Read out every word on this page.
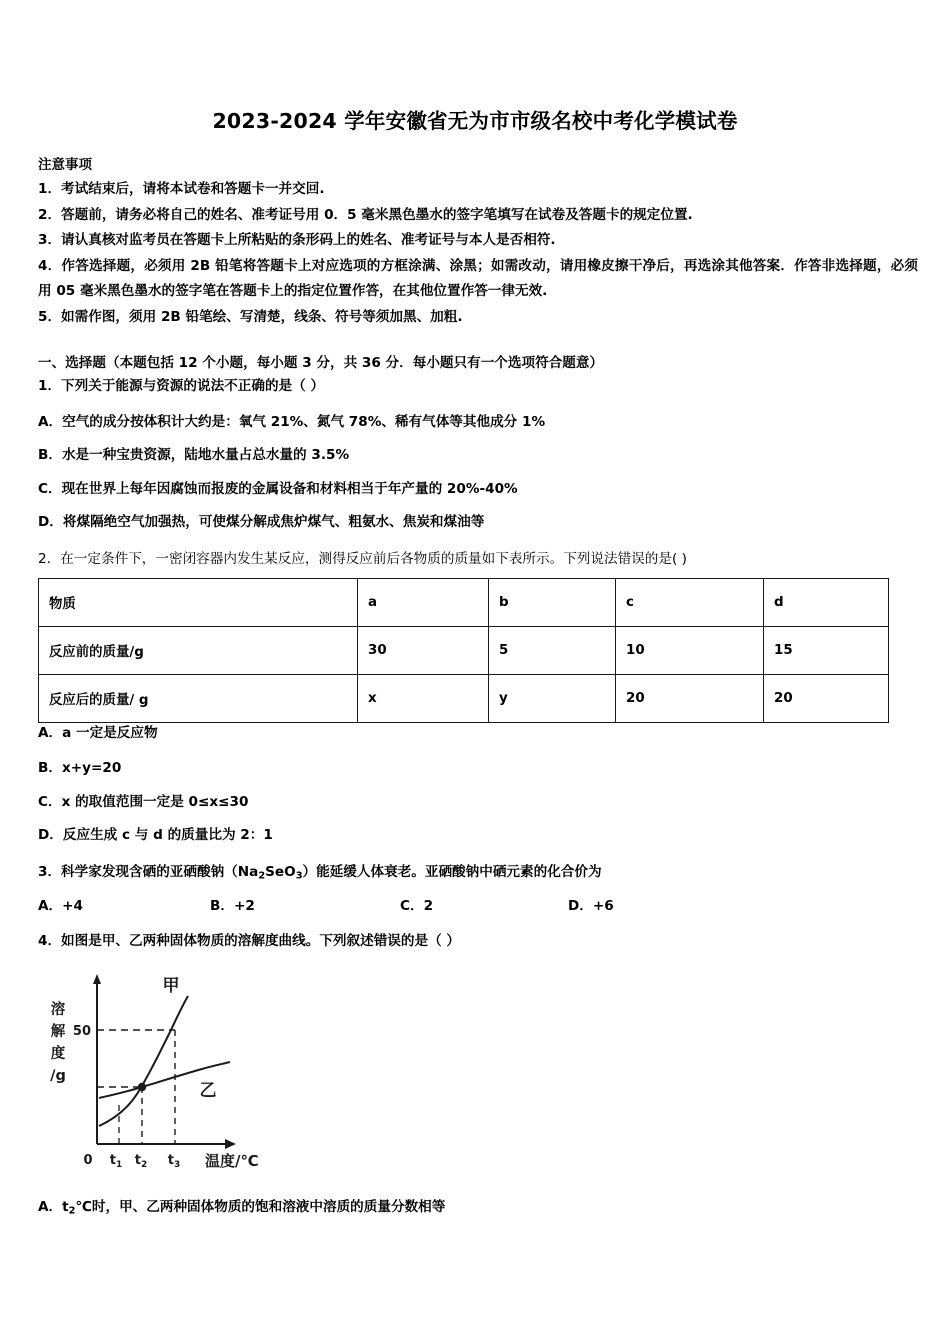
2023-2024 学年安徽省无为市市级名校中考化学模试卷
注意事项
1．考试结束后，请将本试卷和答题卡一并交回.
2．答题前，请务必将自己的姓名、准考证号用 0．5 毫米黑色墨水的签字笔填写在试卷及答题卡的规定位置.
3．请认真核对监考员在答题卡上所粘贴的条形码上的姓名、准考证号与本人是否相符.
4．作答选择题，必须用 2B 铅笔将答题卡上对应选项的方框涂满、涂黑；如需改动，请用橡皮擦干净后，再选涂其他答案．作答非选择题，必须用 05 毫米黑色墨水的签字笔在答题卡上的指定位置作答，在其他位置作答一律无效.
5．如需作图，须用 2B 铅笔绘、写清楚，线条、符号等须加黑、加粗.
一、选择题（本题包括 12 个小题，每小题 3 分，共 36 分．每小题只有一个选项符合题意）
1．下列关于能源与资源的说法不正确的是（ ）
A．空气的成分按体积计大约是：氧气 21%、氮气 78%、稀有气体等其他成分 1%
B．水是一种宝贵资源，陆地水量占总水量的 3.5%
C．现在世界上每年因腐蚀而报废的金属设备和材料相当于年产量的 20%-40%
D．将煤隔绝空气加强热，可使煤分解成焦炉煤气、粗氨水、焦炭和煤油等
2．在一定条件下，一密闭容器内发生某反应，测得反应前后各物质的质量如下表所示。下列说法错误的是( )
物质	a	b	c	d
反应前的质量/g	30	5	10	15
反应后的质量/ g	x	y	20	20
A．a 一定是反应物
B．x+y=20
C．x 的取值范围一定是 0≤x≤30
D．反应生成 c 与 d 的质量比为 2：1
3．科学家发现含硒的亚硒酸钠$(Na_2SeO_3)$能延缓人体衰老。亚硒酸钠中硒元素的化合价为
A．+4	B．+2	C．2	D．+6
4．如图是甲、乙两种固体物质的溶解度曲线。下列叙述错误的是（ ）
溶
解
度
/g
甲
乙
50
0 $t_1$ $t_2$ $t_3$ 温度/℃
A．$t_2℃$时，甲、乙两种固体物质的饱和溶液中溶质的质量分数相等
